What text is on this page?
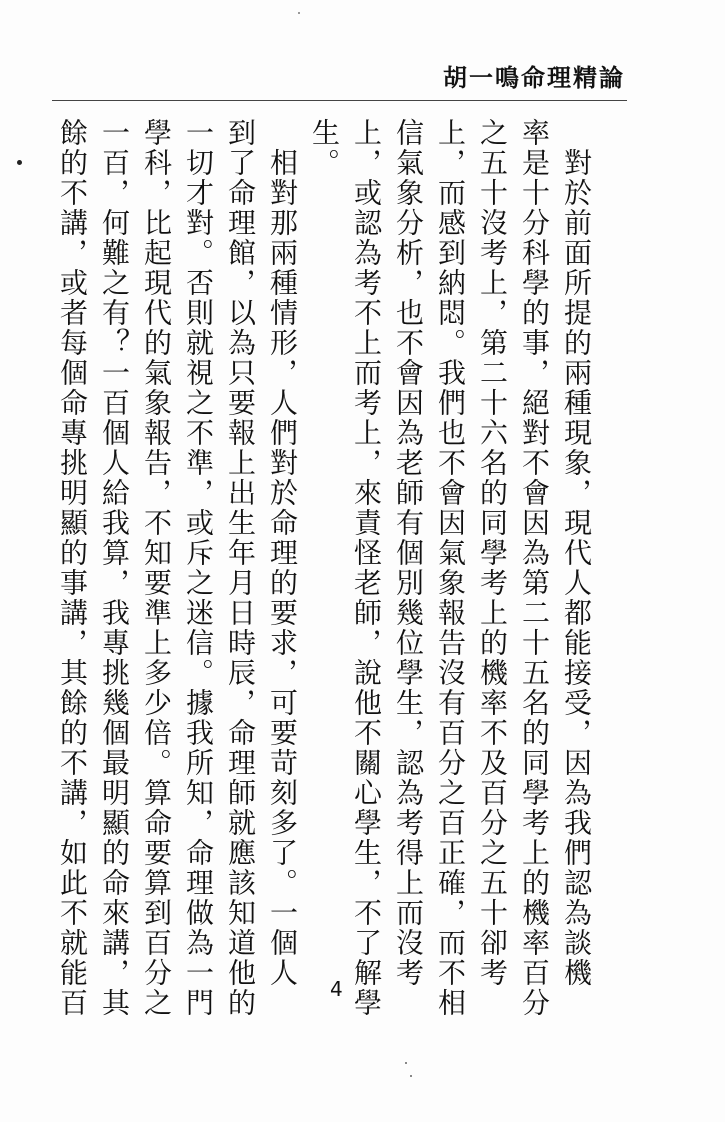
胡一鳴命理精論
　對於前面所提的兩種現象，現代人都能接受，因為我們認為談機
率是十分科學的事，絕對不會因為第二十五名的同學考上的機率百分
之五十沒考上，第二十六名的同學考上的機率不及百分之五十卻考
上，而感到納悶。我們也不會因氣象報告沒有百分之百正確，而不相
信氣象分析，也不會因為老師有個別幾位學生，認為考得上而沒考
上，或認為考不上而考上，來責怪老師，說他不關心學生，不了解學
生。
　相對那兩種情形，人們對於命理的要求，可要苛刻多了。一個人
到了命理館，以為只要報上出生年月日時辰，命理師就應該知道他的
一切才對。否則就視之不準，或斥之迷信。據我所知，命理做為一門
學科，比起現代的氣象報告，不知要準上多少倍。算命要算到百分之
一百，何難之有？一百個人給我算，我專挑幾個最明顯的命來講，其
餘的不講，或者每個命專挑明顯的事講，其餘的不講，如此不就能百	4
